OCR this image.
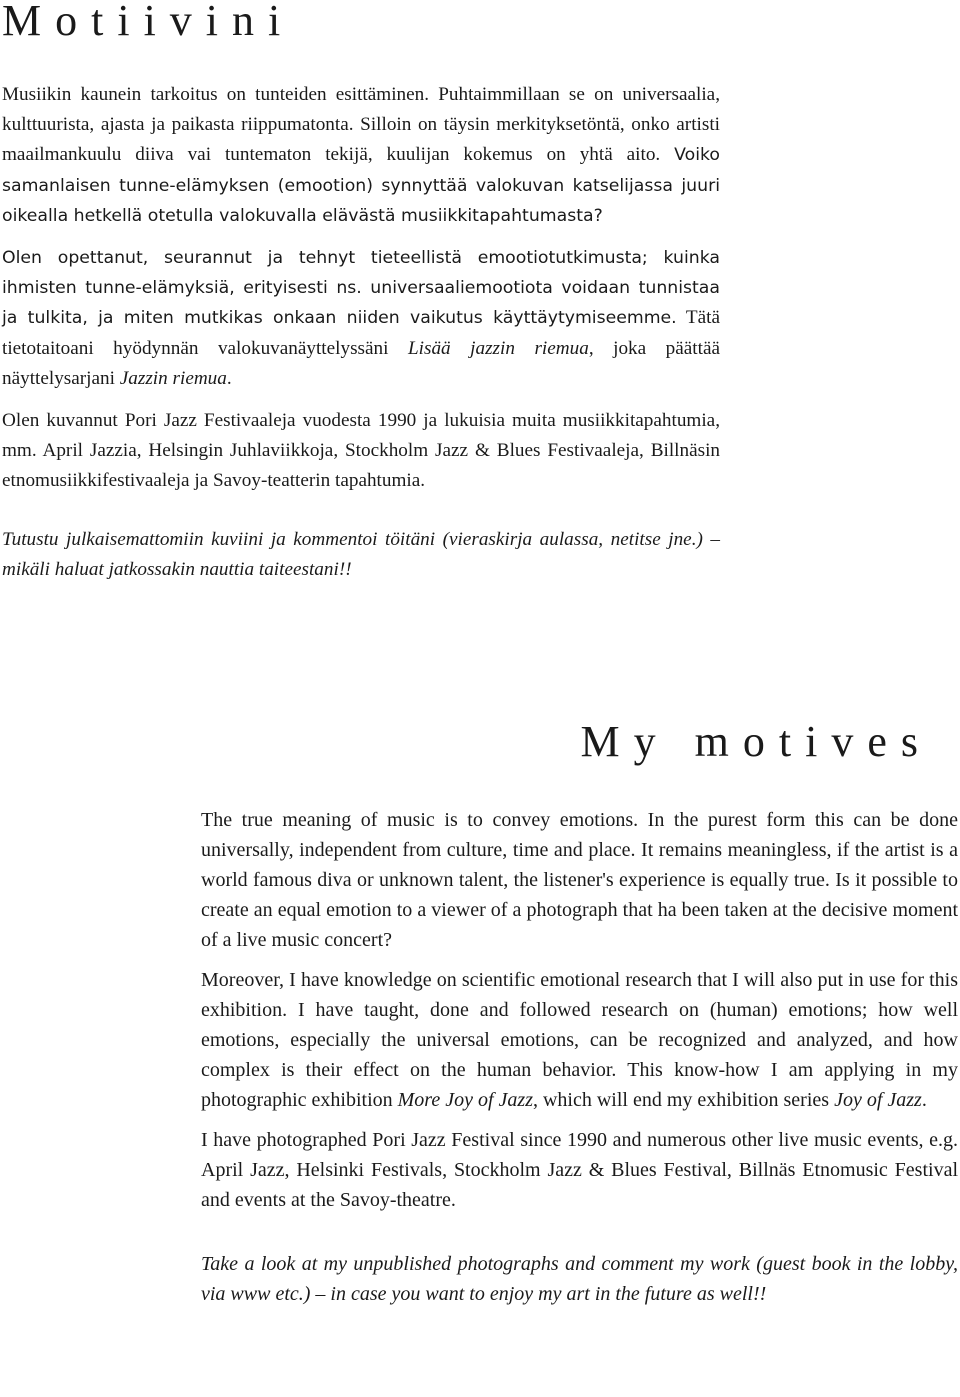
Motiivini

Musiikin kaunein tarkoitus on tunteiden esittäminen. Puhtaimmillaan se on universaalia, kulttuurista, ajasta ja paikasta riippumatonta. Silloin on täysin merkityksetöntä, onko artisti maailmankuulu diiva vai tuntematon tekijä, kuulijan kokemus on yhtä aito. Voiko samanlaisen tunne-elämyksen (emootion) synnyttää valokuvan katselijassa juuri oikealla hetkellä otetulla valokuvalla elävästä musiikkitapahtumasta?

Olen opettanut, seurannut ja tehnyt tieteellistä emootiotutkimusta; kuinka ihmisten tunne-elämyksiä, erityisesti ns. universaaliemootiota voidaan tunnistaa ja tulkita, ja miten mutkikas onkaan niiden vaikutus käyttäytymiseemme. Tätä tietotaitoani hyödynnän valokuvanäyttelyssäni Lisää jazzin riemua, joka päättää näyttelysarjani Jazzin riemua.

Olen kuvannut Pori Jazz Festivaaleja vuodesta 1990 ja lukuisia muita musiikkitapahtumia, mm. April Jazzia, Helsingin Juhlaviikkoja, Stockholm Jazz & Blues Festivaaleja, Billnäsin etnomusiikkifestivaaleja ja Savoy-teatterin tapahtumia.

Tutustu julkaisemattomiin kuviini ja kommentoi töitäni (vieraskirja aulassa, netitse jne.) – mikäli haluat jatkossakin nauttia taiteestani!!

My motives

The true meaning of music is to convey emotions. In the purest form this can be done universally, independent from culture, time and place. It remains meaningless, if the artist is a world famous diva or unknown talent, the listener's experience is equally true. Is it possible to create an equal emotion to a viewer of a photograph that ha been taken at the decisive moment of a live music concert?

Moreover, I have knowledge on scientific emotional research that I will also put in use for this exhibition. I have taught, done and followed research on (human) emotions; how well emotions, especially the universal emotions, can be recognized and analyzed, and how complex is their effect on the human behavior. This know-how I am applying in my photographic exhibition More Joy of Jazz, which will end my exhibition series Joy of Jazz.

I have photographed Pori Jazz Festival since 1990 and numerous other live music events, e.g. April Jazz, Helsinki Festivals, Stockholm Jazz & Blues Festival, Billnäs Etnomusic Festival and events at the Savoy-theatre.

Take a look at my unpublished photographs and comment my work (guest book in the lobby, via www etc.) – in case you want to enjoy my art in the future as well!!
